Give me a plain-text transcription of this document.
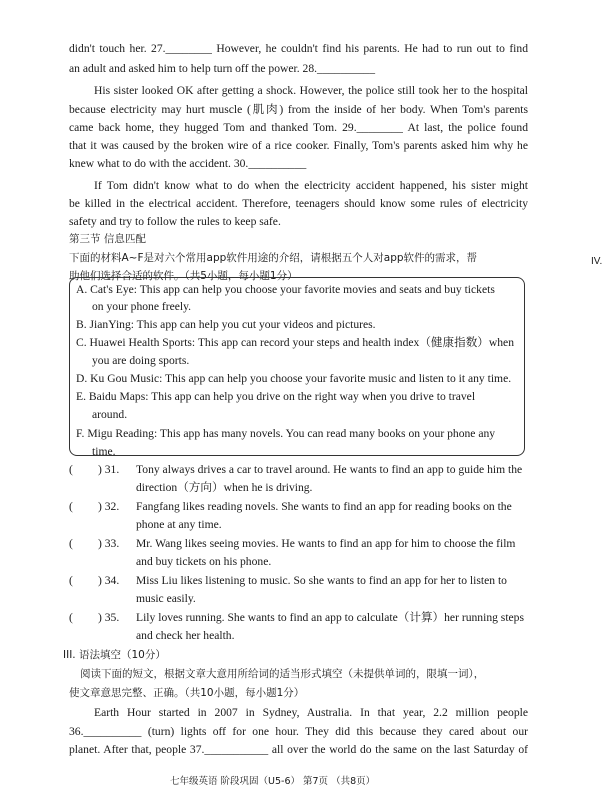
didn't touch her. 27.________ However, he couldn't find his parents. He had to run out to find
an adult and asked him to help turn off the power. 28.__________
His sister looked OK after getting a shock. However, the police still took her to the hospital
because electricity may hurt muscle (肌肉) from the inside of her body. When Tom's parents
came back home, they hugged Tom and thanked Tom. 29.________ At last, the police found
that it was caused by the broken wire of a rice cooker. Finally, Tom's parents asked him why he
knew what to do with the accident. 30.__________
If Tom didn't know what to do when the electricity accident happened, his sister might
be killed in the electrical accident. Therefore, teenagers should know some rules of electricity
safety and try to follow the rules to keep safe.
第三节 信息匹配
下面的材料A~F是对六个常用app软件用途的介绍，请根据五个人对app软件的需求，帮
助他们选择合适的软件。（共5小题，每小题1分）
IV.
A. Cat's Eye: This app can help you choose your favorite movies and seats and buy tickets
on your phone freely.
B. JianYing: This app can help you cut your videos and pictures.
C. Huawei Health Sports: This app can record your steps and health index（健康指数）when
you are doing sports.
D. Ku Gou Music: This app can help you choose your favorite music and listen to it any time.
E. Baidu Maps: This app can help you drive on the right way when you drive to travel
around.
F. Migu Reading: This app has many novels. You can read many books on your phone any
time.
( ) 31. Tony always drives a car to travel around. He wants to find an app to guide him the
direction（方向）when he is driving.
( ) 32. Fangfang likes reading novels. She wants to find an app for reading books on the
phone at any time.
( ) 33. Mr. Wang likes seeing movies. He wants to find an app for him to choose the film
and buy tickets on his phone.
( ) 34. Miss Liu likes listening to music. So she wants to find an app for her to listen to
music easily.
( ) 35. Lily loves running. She wants to find an app to calculate（计算）her running steps
and check her health.
III. 语法填空（10分）
阅读下面的短文，根据文章大意用所给词的适当形式填空（未提供单词的，限填一词），
使文章意思完整、正确。（共10小题，每小题1分）
Earth Hour started in 2007 in Sydney, Australia. In that year, 2.2 million people
36.__________ (turn) lights off for one hour. They did this because they cared about our
planet. After that, people 37.___________ all over the world do the same on the last Saturday of
七年级英语 阶段巩固（U5-6） 第7页 （共8页）
